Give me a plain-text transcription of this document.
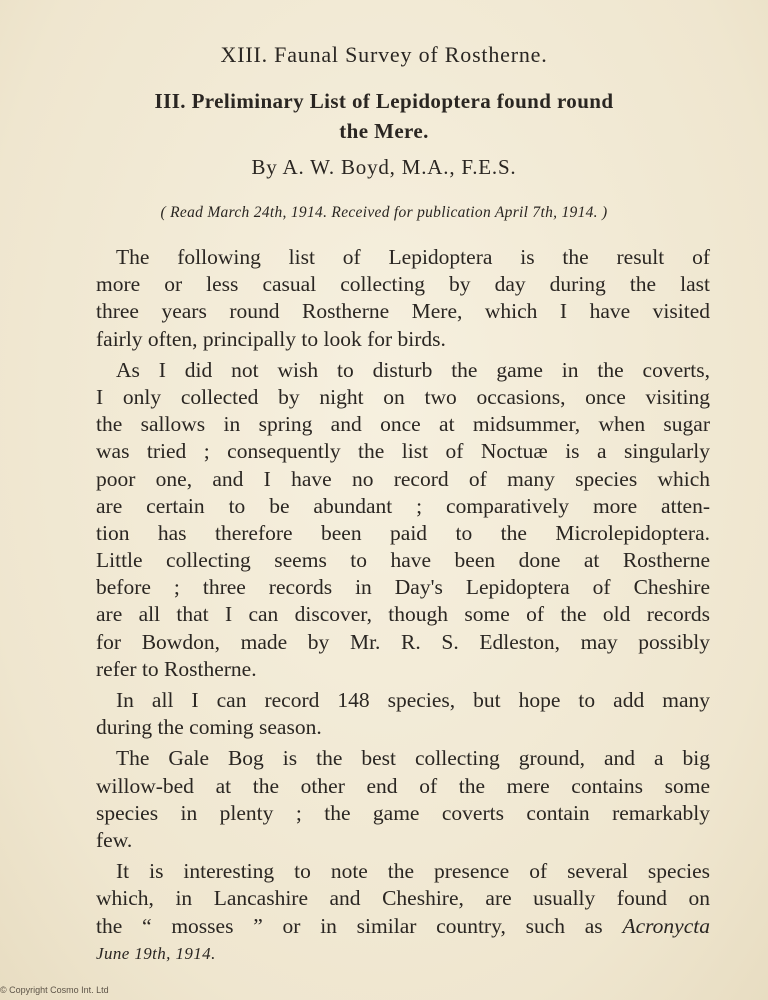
XIII. Faunal Survey of Rostherne.
III. Preliminary List of Lepidoptera found round
the Mere.
By A. W. Boyd, M.A., F.E.S.
( Read March 24th, 1914. Received for publication April 7th, 1914. )
The following list of Lepidoptera is the result of
more or less casual collecting by day during the last
three years round Rostherne Mere, which I have visited
fairly often, principally to look for birds.
As I did not wish to disturb the game in the coverts,
I only collected by night on two occasions, once visiting
the sallows in spring and once at midsummer, when sugar
was tried ; consequently the list of Noctuæ is a singularly
poor one, and I have no record of many species which
are certain to be abundant ; comparatively more atten-
tion has therefore been paid to the Microlepidoptera.
Little collecting seems to have been done at Rostherne
before ; three records in Day's Lepidoptera of Cheshire
are all that I can discover, though some of the old records
for Bowdon, made by Mr. R. S. Edleston, may possibly
refer to Rostherne.
In all I can record 148 species, but hope to add many
during the coming season.
The Gale Bog is the best collecting ground, and a big
willow-bed at the other end of the mere contains some
species in plenty ; the game coverts contain remarkably
few.
It is interesting to note the presence of several species
which, in Lancashire and Cheshire, are usually found on
the “ mosses ” or in similar country, such as Acronycta
June 19th, 1914.
© Copyright Cosmo Int. Ltd
